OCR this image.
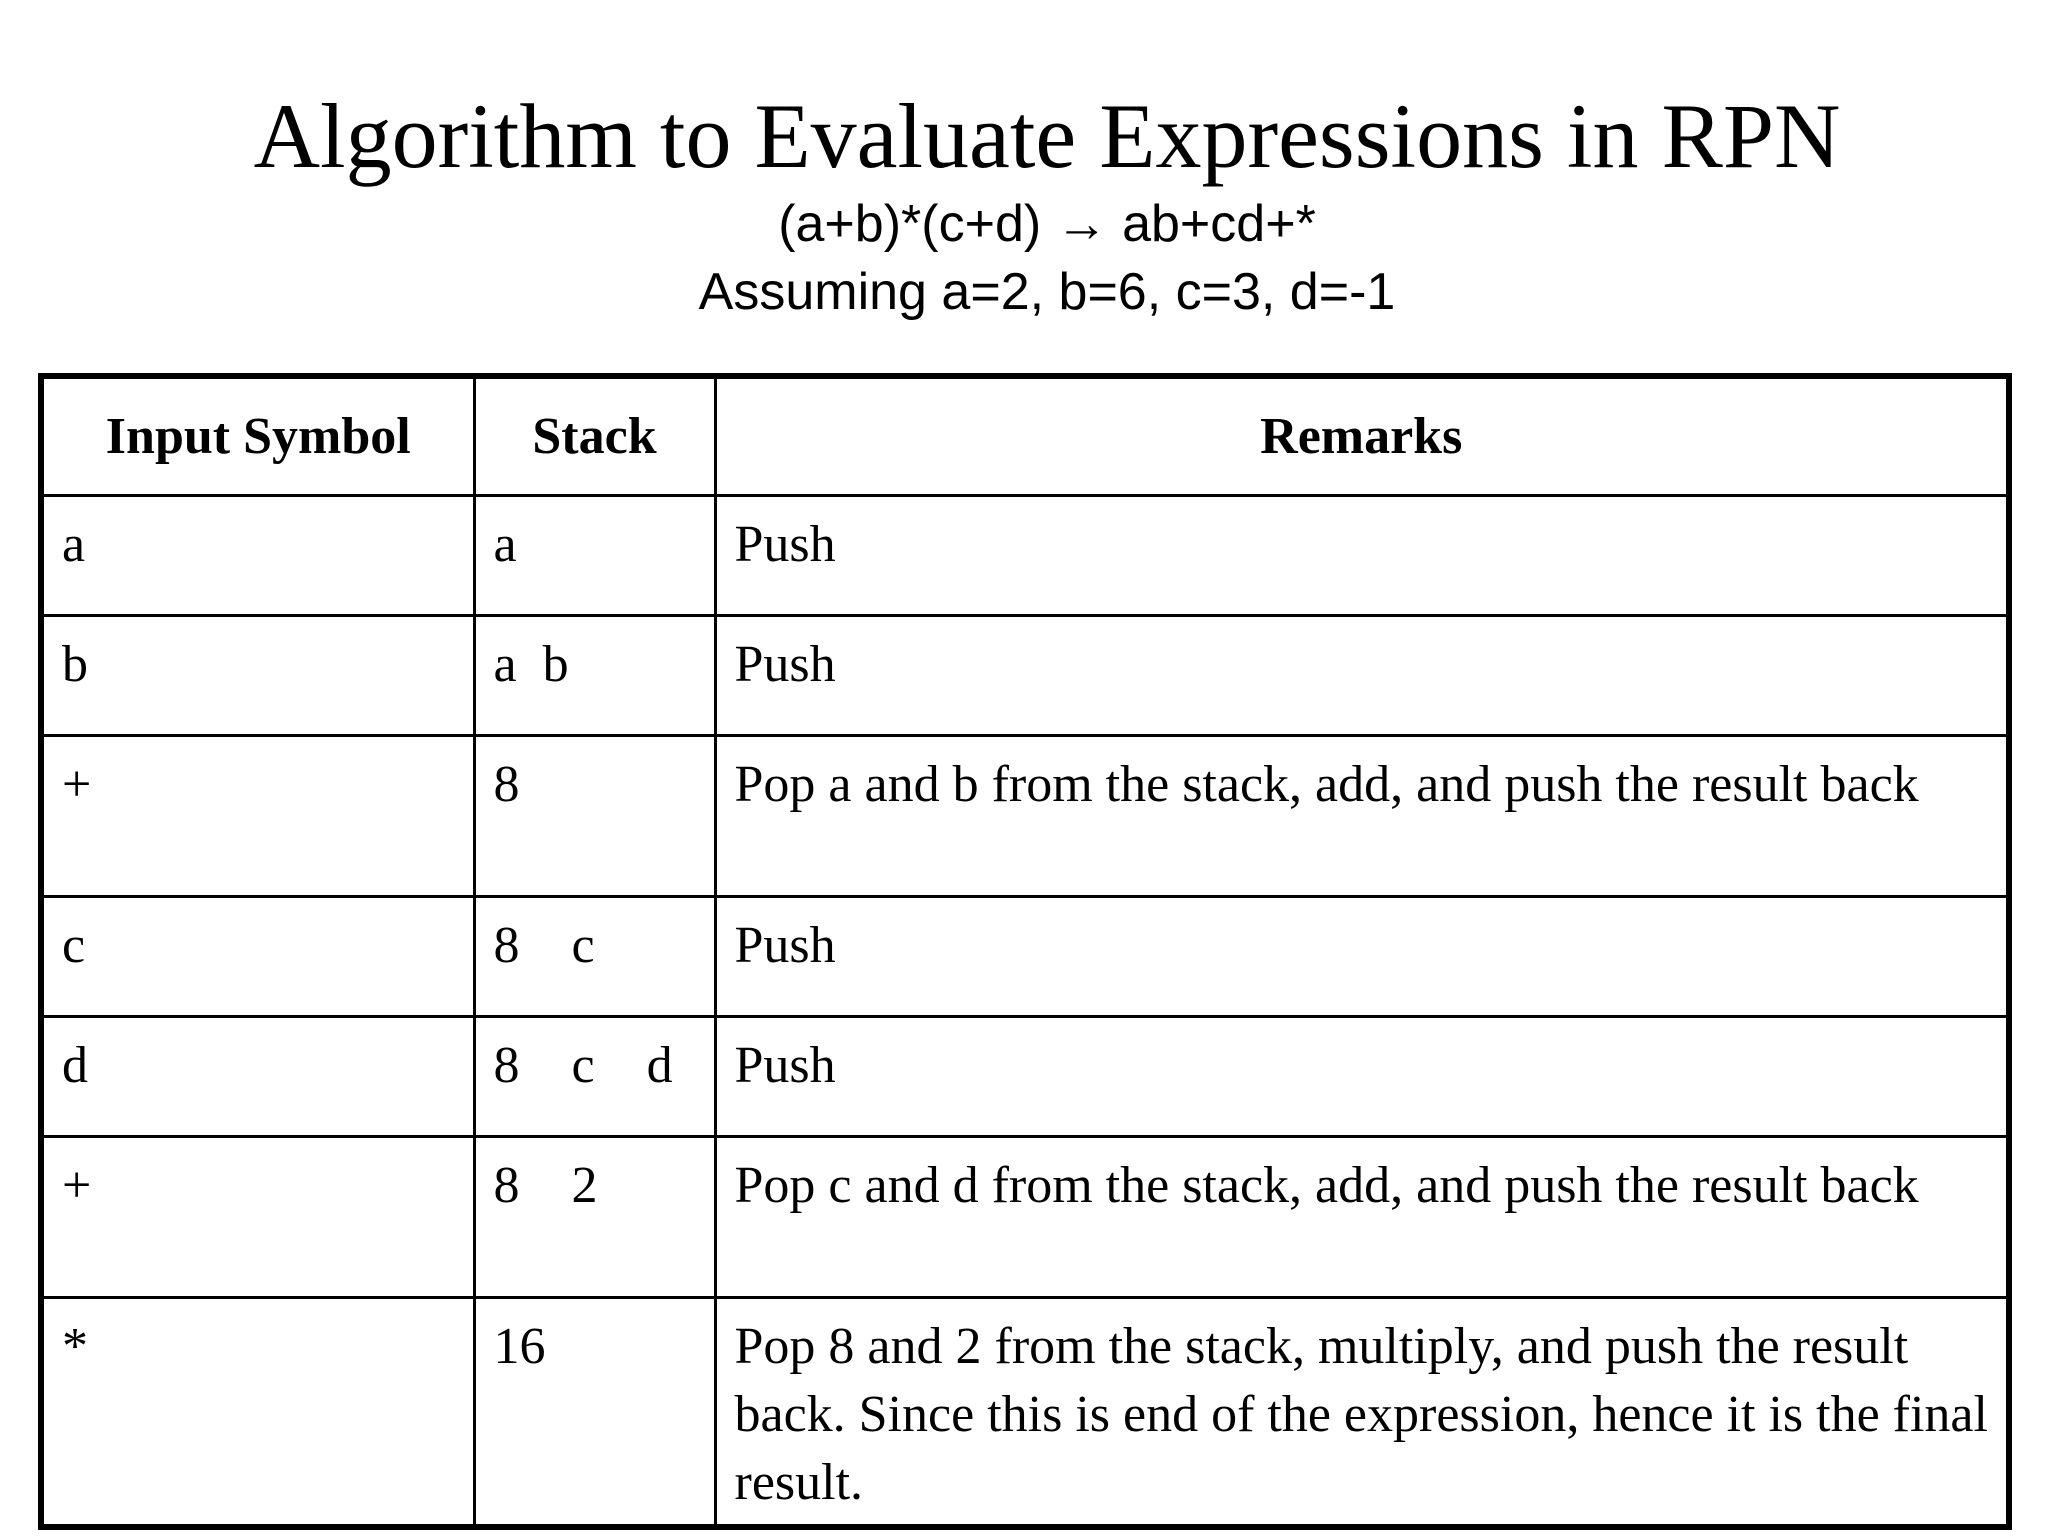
Algorithm to Evaluate Expressions in RPN
(a+b)*(c+d) → ab+cd+*
Assuming a=2, b=6, c=3, d=-1
Input Symbol	Stack	Remarks
a	a	Push
b	a  b	Push
+	8	Pop a and b from the stack, add, and push the result back
c	8    c	Push
d	8    c    d	Push
+	8    2	Pop c and d from the stack, add, and push the result back
*	16	Pop 8 and 2 from the stack, multiply, and push the result back. Since this is end of the expression, hence it is the final result.
